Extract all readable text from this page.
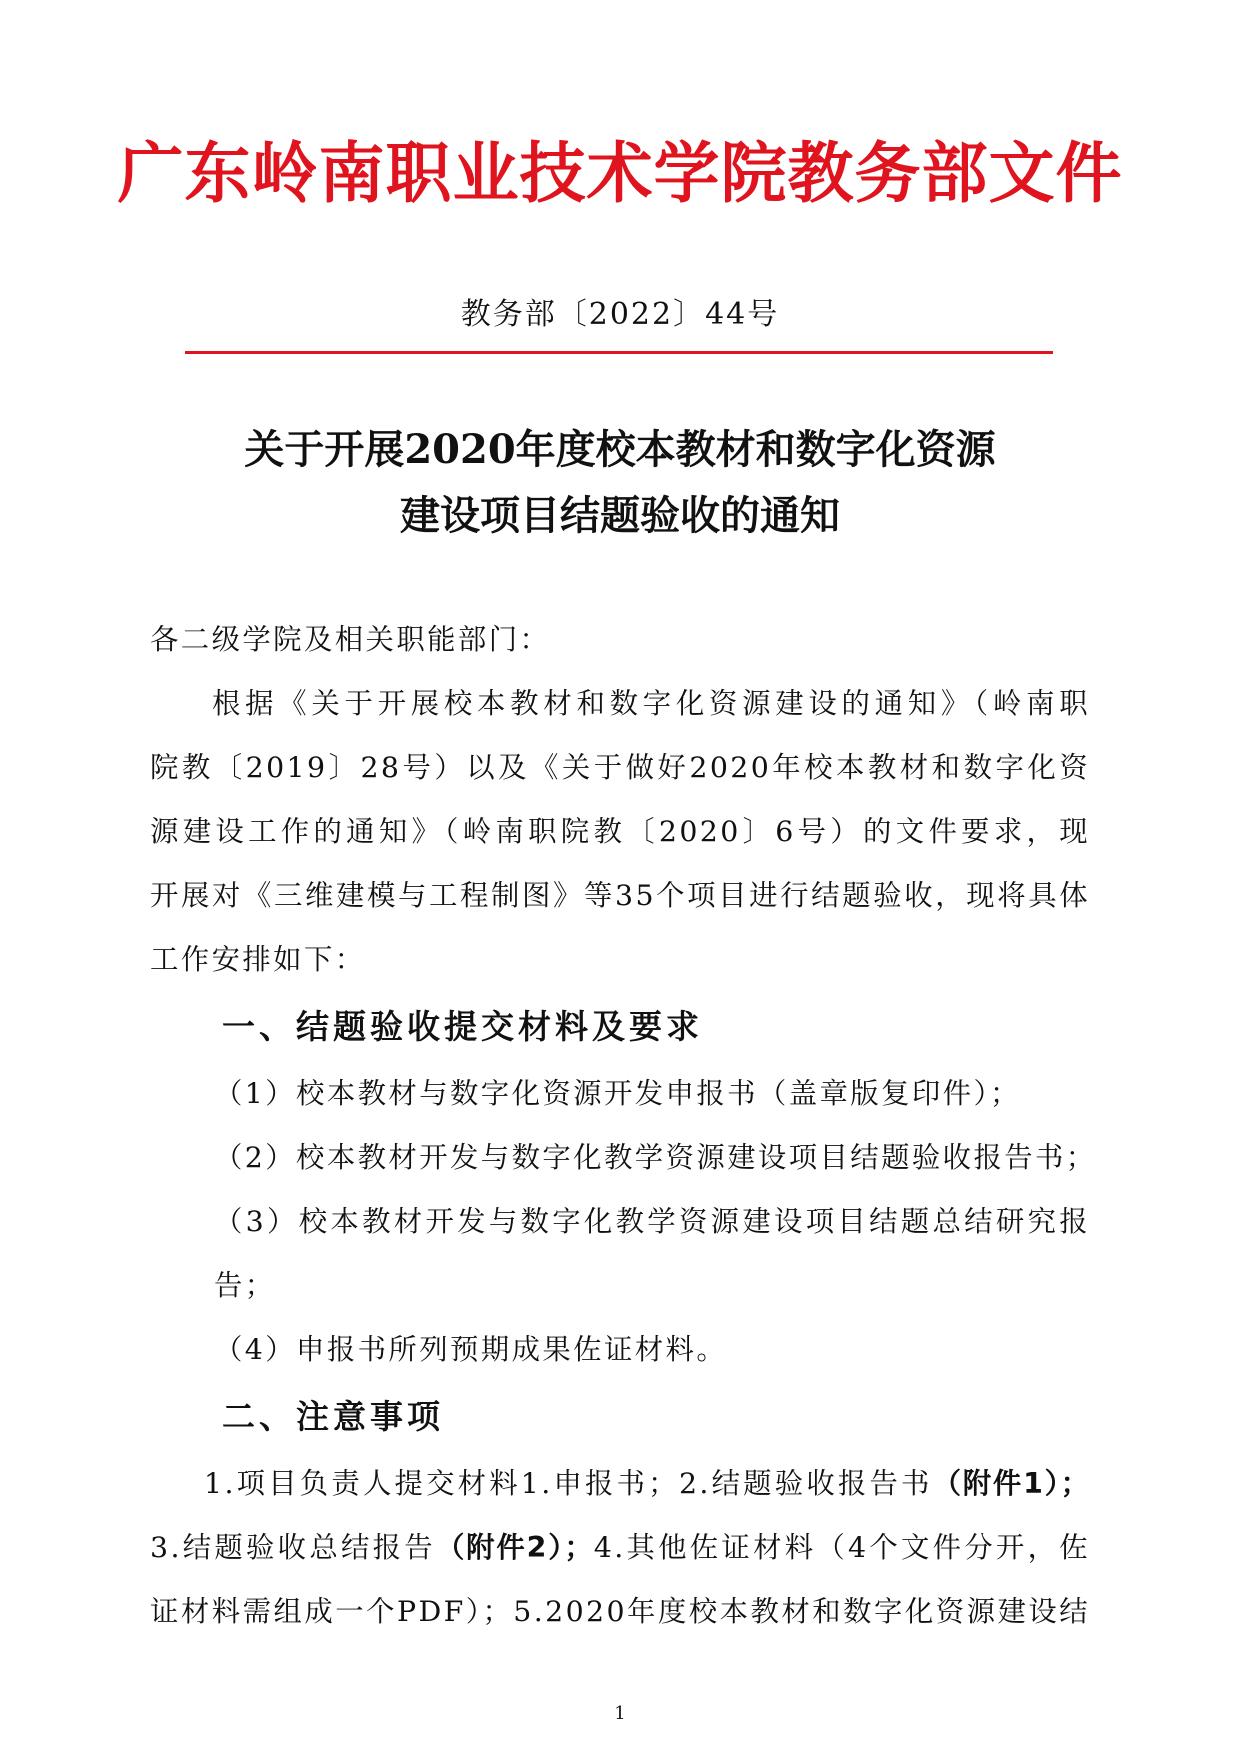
广东岭南职业技术学院教务部文件
教务部〔2022〕44号
关于开展2020年度校本教材和数字化资源
建设项目结题验收的通知
各二级学院及相关职能部门：
根据《关于开展校本教材和数字化资源建设的通知》（岭南职
院教〔2019〕28号）以及《关于做好2020年校本教材和数字化资
源建设工作的通知》（岭南职院教〔2020〕6号）的文件要求，现
开展对《三维建模与工程制图》等35个项目进行结题验收，现将具体
工作安排如下：
一、结题验收提交材料及要求
（1）校本教材与数字化资源开发申报书（盖章版复印件）；
（2）校本教材开发与数字化教学资源建设项目结题验收报告书；
（3）校本教材开发与数字化教学资源建设项目结题总结研究报
告；
（4）申报书所列预期成果佐证材料。
二、注意事项
1.项目负责人提交材料1.申报书；2.结题验收报告书（附件1）；
3.结题验收总结报告（附件2）；4.其他佐证材料（4个文件分开，佐
证材料需组成一个PDF）；5.2020年度校本教材和数字化资源建设结
1
